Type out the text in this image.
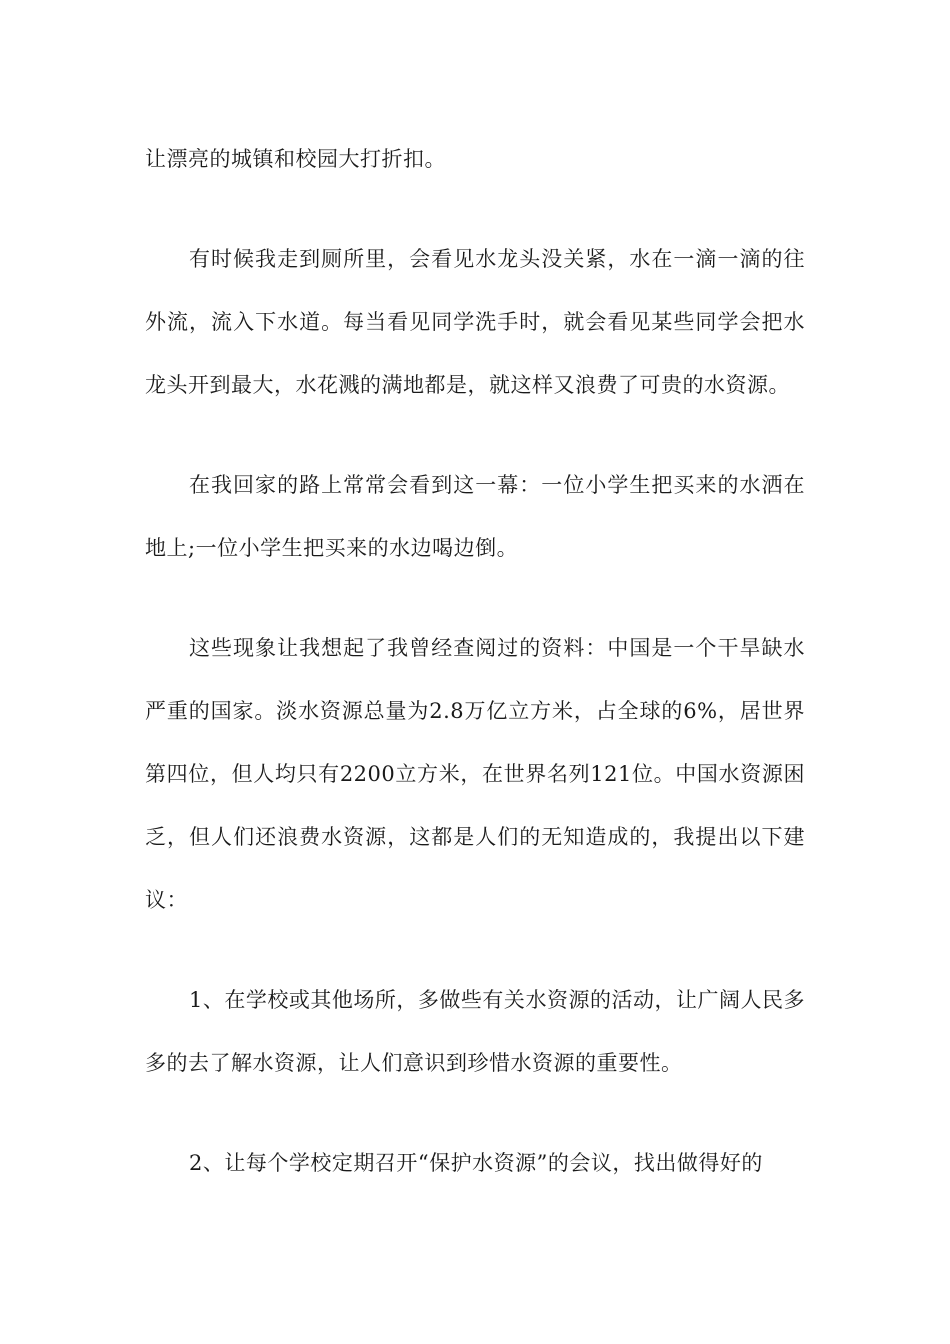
让漂亮的城镇和校园大打折扣。

有时候我走到厕所里，会看见水龙头没关紧，水在一滴一滴的往外流，流入下水道。每当看见同学洗手时，就会看见某些同学会把水龙头开到最大，水花溅的满地都是，就这样又浪费了可贵的水资源。

在我回家的路上常常会看到这一幕：一位小学生把买来的水洒在地上;一位小学生把买来的水边喝边倒。

这些现象让我想起了我曾经查阅过的资料：中国是一个干旱缺水严重的国家。淡水资源总量为2.8万亿立方米，占全球的6%，居世界第四位，但人均只有2200立方米，在世界名列121位。中国水资源困乏，但人们还浪费水资源，这都是人们的无知造成的，我提出以下建议：

1、在学校或其他场所，多做些有关水资源的活动，让广阔人民多多的去了解水资源，让人们意识到珍惜水资源的重要性。

2、让每个学校定期召开“保护水资源”的会议，找出做得好的
